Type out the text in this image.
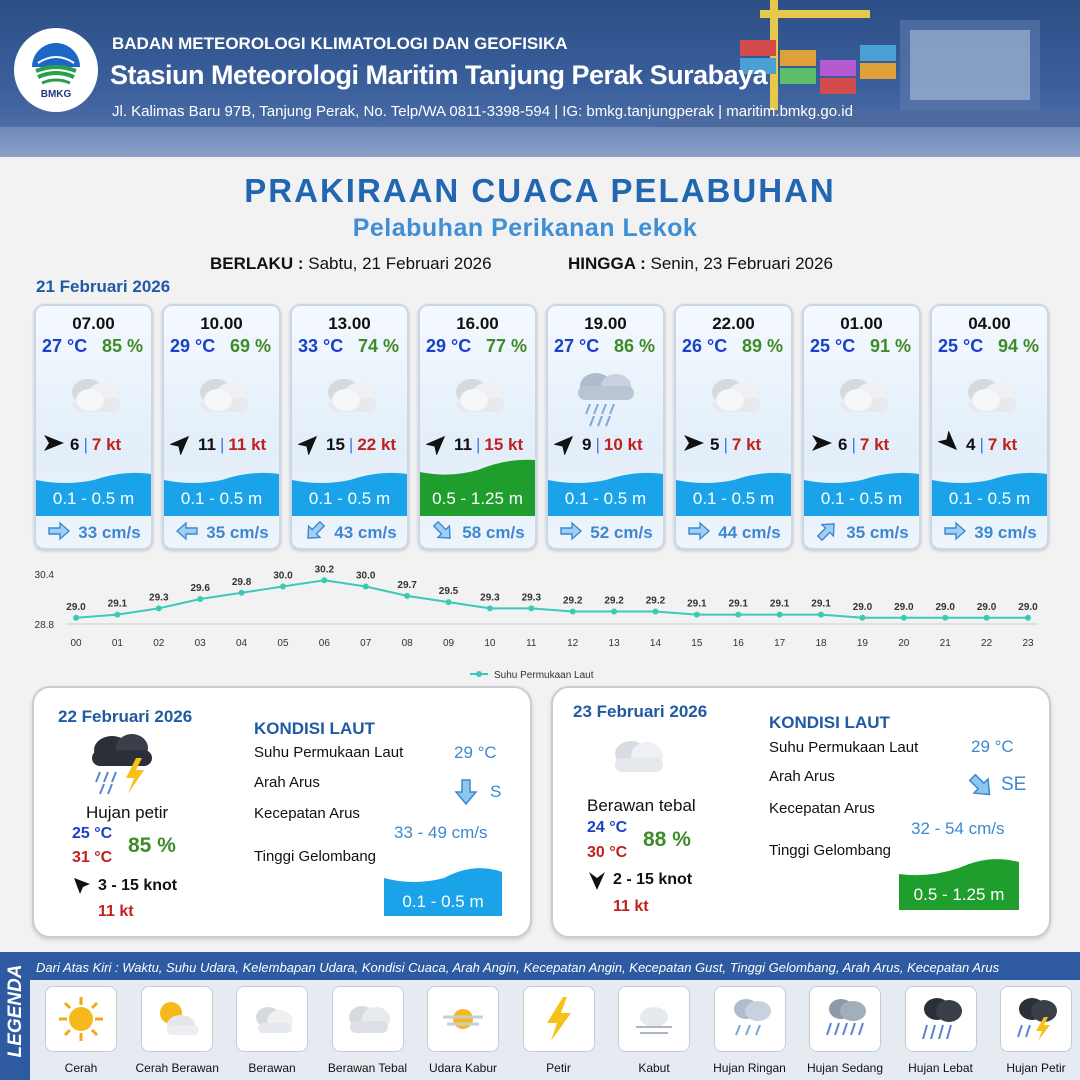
BMKG
BADAN METEOROLOGI KLIMATOLOGI DAN GEOFISIKA
Stasiun Meteorologi Maritim Tanjung Perak Surabaya
Jl. Kalimas Baru 97B, Tanjung Perak, No. Telp/WA 0811-3398-594 | IG: bmkg.tanjungperak | maritim.bmkg.go.id
PRAKIRAAN CUACA PELABUHAN
Pelabuhan Perikanan Lekok
BERLAKU : Sabtu, 21 Februari 2026	HINGGA : Senin, 23 Februari 2026
21 Februari 2026
07.00
27 °C 85 %
6 | 7 kt
0.1 - 0.5 m
33 cm/s
10.00
29 °C 69 %
11 | 11 kt
0.1 - 0.5 m
35 cm/s
13.00
33 °C 74 %
15 | 22 kt
0.1 - 0.5 m
43 cm/s
16.00
29 °C 77 %
11 | 15 kt
0.5 - 1.25 m
58 cm/s
19.00
27 °C 86 %
9 | 10 kt
0.1 - 0.5 m
52 cm/s
22.00
26 °C 89 %
5 | 7 kt
0.1 - 0.5 m
44 cm/s
01.00
25 °C 91 %
6 | 7 kt
0.1 - 0.5 m
35 cm/s
04.00
25 °C 94 %
4 | 7 kt
0.1 - 0.5 m
39 cm/s
30.4
28.8
29.0
00
29.1
01
29.3
02
29.6
03
29.8
04
30.0
05
30.2
06
30.0
07
29.7
08
29.5
09
29.3
10
29.3
11
29.2
12
29.2
13
29.2
14
29.1
15
29.1
16
29.1
17
29.1
18
29.0
19
29.0
20
29.0
21
29.0
22
29.0
23
Suhu Permukaan Laut
22 Februari 2026
Hujan petir
25 °C
31 °C
85 %
3 - 15 knot
11 kt
KONDISI LAUT
Suhu Permukaan Laut	29 °C
Arah Arus	S
Kecepatan Arus
33 - 49 cm/s
Tinggi Gelombang
0.1 - 0.5 m
23 Februari 2026
Berawan tebal
24 °C
30 °C
88 %
2 - 15 knot
11 kt
KONDISI LAUT
Suhu Permukaan Laut	29 °C
Arah Arus	SE
Kecepatan Arus
32 - 54 cm/s
Tinggi Gelombang
0.5 - 1.25 m
LEGENDA Dari Atas Kiri : Waktu, Suhu Udara, Kelembapan Udara, Kondisi Cuaca, Arah Angin, Kecepatan Angin, Kecepatan Gust, Tinggi Gelombang, Arah Arus, Kecepatan Arus
Cerah	Cerah Berawan	Berawan	Berawan Tebal	Udara Kabur	Petir	Kabut	Hujan Ringan	Hujan Sedang	Hujan Lebat	Hujan Petir
